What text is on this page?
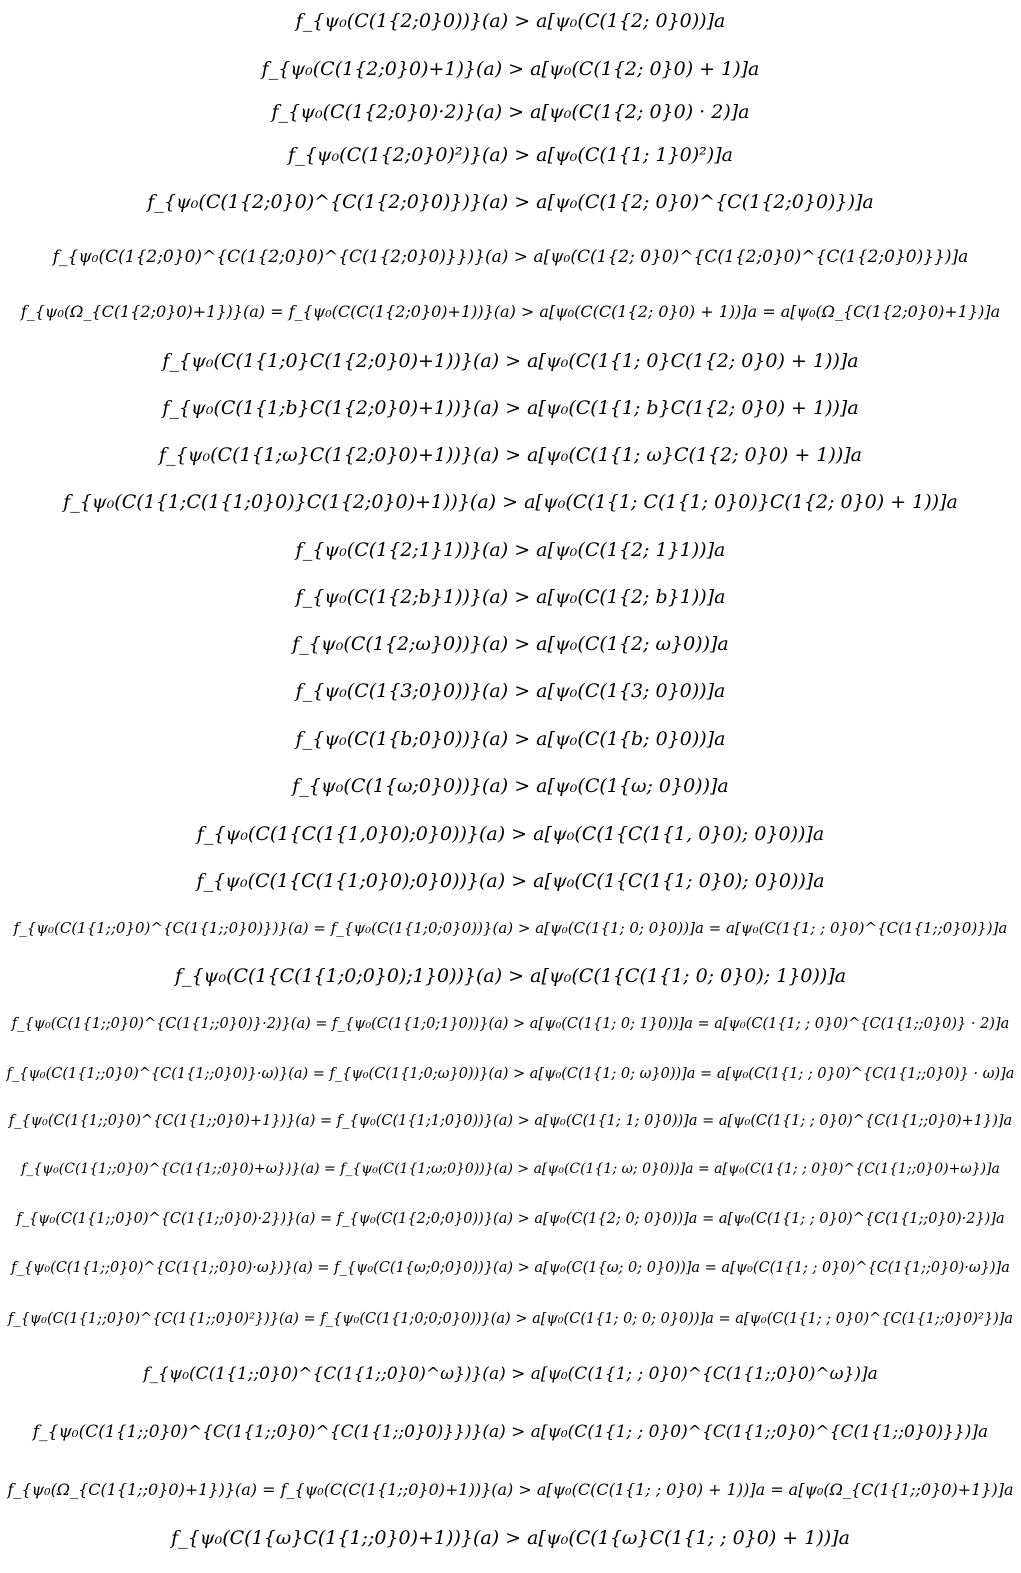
f_{ψ₀(C(1{2;0}0))}(a) > a[ψ₀(C(1{2; 0}0))]a
f_{ψ₀(C(1{2;0}0)+1)}(a) > a[ψ₀(C(1{2; 0}0) + 1)]a
f_{ψ₀(C(1{2;0}0)·2)}(a) > a[ψ₀(C(1{2; 0}0) · 2)]a
f_{ψ₀(C(1{2;0}0)²)}(a) > a[ψ₀(C(1{1; 1}0)²)]a
f_{ψ₀(C(1{2;0}0)^{C(1{2;0}0)})}(a) > a[ψ₀(C(1{2; 0}0)^{C(1{2;0}0)})]a
f_{ψ₀(C(1{2;0}0)^{C(1{2;0}0)^{C(1{2;0}0)}})}(a) > a[ψ₀(C(1{2; 0}0)^{C(1{2;0}0)^{C(1{2;0}0)}})]a
f_{ψ₀(Ω_{C(1{2;0}0)+1})}(a) = f_{ψ₀(C(C(1{2;0}0)+1))}(a) > a[ψ₀(C(C(1{2; 0}0) + 1))]a = a[ψ₀(Ω_{C(1{2;0}0)+1})]a
f_{ψ₀(C(1{1;0}C(1{2;0}0)+1))}(a) > a[ψ₀(C(1{1; 0}C(1{2; 0}0) + 1))]a
f_{ψ₀(C(1{1;b}C(1{2;0}0)+1))}(a) > a[ψ₀(C(1{1; b}C(1{2; 0}0) + 1))]a
f_{ψ₀(C(1{1;ω}C(1{2;0}0)+1))}(a) > a[ψ₀(C(1{1; ω}C(1{2; 0}0) + 1))]a
f_{ψ₀(C(1{1;C(1{1;0}0)}C(1{2;0}0)+1))}(a) > a[ψ₀(C(1{1; C(1{1; 0}0)}C(1{2; 0}0) + 1))]a
f_{ψ₀(C(1{2;1}1))}(a) > a[ψ₀(C(1{2; 1}1))]a
f_{ψ₀(C(1{2;b}1))}(a) > a[ψ₀(C(1{2; b}1))]a
f_{ψ₀(C(1{2;ω}0))}(a) > a[ψ₀(C(1{2; ω}0))]a
f_{ψ₀(C(1{3;0}0))}(a) > a[ψ₀(C(1{3; 0}0))]a
f_{ψ₀(C(1{b;0}0))}(a) > a[ψ₀(C(1{b; 0}0))]a
f_{ψ₀(C(1{ω;0}0))}(a) > a[ψ₀(C(1{ω; 0}0))]a
f_{ψ₀(C(1{C(1{1,0}0);0}0))}(a) > a[ψ₀(C(1{C(1{1, 0}0); 0}0))]a
f_{ψ₀(C(1{C(1{1;0}0);0}0))}(a) > a[ψ₀(C(1{C(1{1; 0}0); 0}0))]a
f_{ψ₀(C(1{1;;0}0)^{C(1{1;;0}0)})}(a) = f_{ψ₀(C(1{1;0;0}0))}(a) > a[ψ₀(C(1{1; 0; 0}0))]a = a[ψ₀(C(1{1; ; 0}0)^{C(1{1;;0}0)})]a
f_{ψ₀(C(1{C(1{1;0;0}0);1}0))}(a) > a[ψ₀(C(1{C(1{1; 0; 0}0); 1}0))]a
f_{ψ₀(C(1{1;;0}0)^{C(1{1;;0}0)}·2)}(a) = f_{ψ₀(C(1{1;0;1}0))}(a) > a[ψ₀(C(1{1; 0; 1}0))]a = a[ψ₀(C(1{1; ; 0}0)^{C(1{1;;0}0)} · 2)]a
f_{ψ₀(C(1{1;;0}0)^{C(1{1;;0}0)}·ω)}(a) = f_{ψ₀(C(1{1;0;ω}0))}(a) > a[ψ₀(C(1{1; 0; ω}0))]a = a[ψ₀(C(1{1; ; 0}0)^{C(1{1;;0}0)} · ω)]a
f_{ψ₀(C(1{1;;0}0)^{C(1{1;;0}0)+1})}(a) = f_{ψ₀(C(1{1;1;0}0))}(a) > a[ψ₀(C(1{1; 1; 0}0))]a = a[ψ₀(C(1{1; ; 0}0)^{C(1{1;;0}0)+1})]a
f_{ψ₀(C(1{1;;0}0)^{C(1{1;;0}0)+ω})}(a) = f_{ψ₀(C(1{1;ω;0}0))}(a) > a[ψ₀(C(1{1; ω; 0}0))]a = a[ψ₀(C(1{1; ; 0}0)^{C(1{1;;0}0)+ω})]a
f_{ψ₀(C(1{1;;0}0)^{C(1{1;;0}0)·2})}(a) = f_{ψ₀(C(1{2;0;0}0))}(a) > a[ψ₀(C(1{2; 0; 0}0))]a = a[ψ₀(C(1{1; ; 0}0)^{C(1{1;;0}0)·2})]a
f_{ψ₀(C(1{1;;0}0)^{C(1{1;;0}0)·ω})}(a) = f_{ψ₀(C(1{ω;0;0}0))}(a) > a[ψ₀(C(1{ω; 0; 0}0))]a = a[ψ₀(C(1{1; ; 0}0)^{C(1{1;;0}0)·ω})]a
f_{ψ₀(C(1{1;;0}0)^{C(1{1;;0}0)²})}(a) = f_{ψ₀(C(1{1;0;0;0}0))}(a) > a[ψ₀(C(1{1; 0; 0; 0}0))]a = a[ψ₀(C(1{1; ; 0}0)^{C(1{1;;0}0)²})]a
f_{ψ₀(C(1{1;;0}0)^{C(1{1;;0}0)^ω})}(a) > a[ψ₀(C(1{1; ; 0}0)^{C(1{1;;0}0)^ω})]a
f_{ψ₀(C(1{1;;0}0)^{C(1{1;;0}0)^{C(1{1;;0}0)}})}(a) > a[ψ₀(C(1{1; ; 0}0)^{C(1{1;;0}0)^{C(1{1;;0}0)}})]a
f_{ψ₀(Ω_{C(1{1;;0}0)+1})}(a) = f_{ψ₀(C(C(1{1;;0}0)+1))}(a) > a[ψ₀(C(C(1{1; ; 0}0) + 1))]a = a[ψ₀(Ω_{C(1{1;;0}0)+1})]a
f_{ψ₀(C(1{ω}C(1{1;;0}0)+1))}(a) > a[ψ₀(C(1{ω}C(1{1; ; 0}0) + 1))]a
